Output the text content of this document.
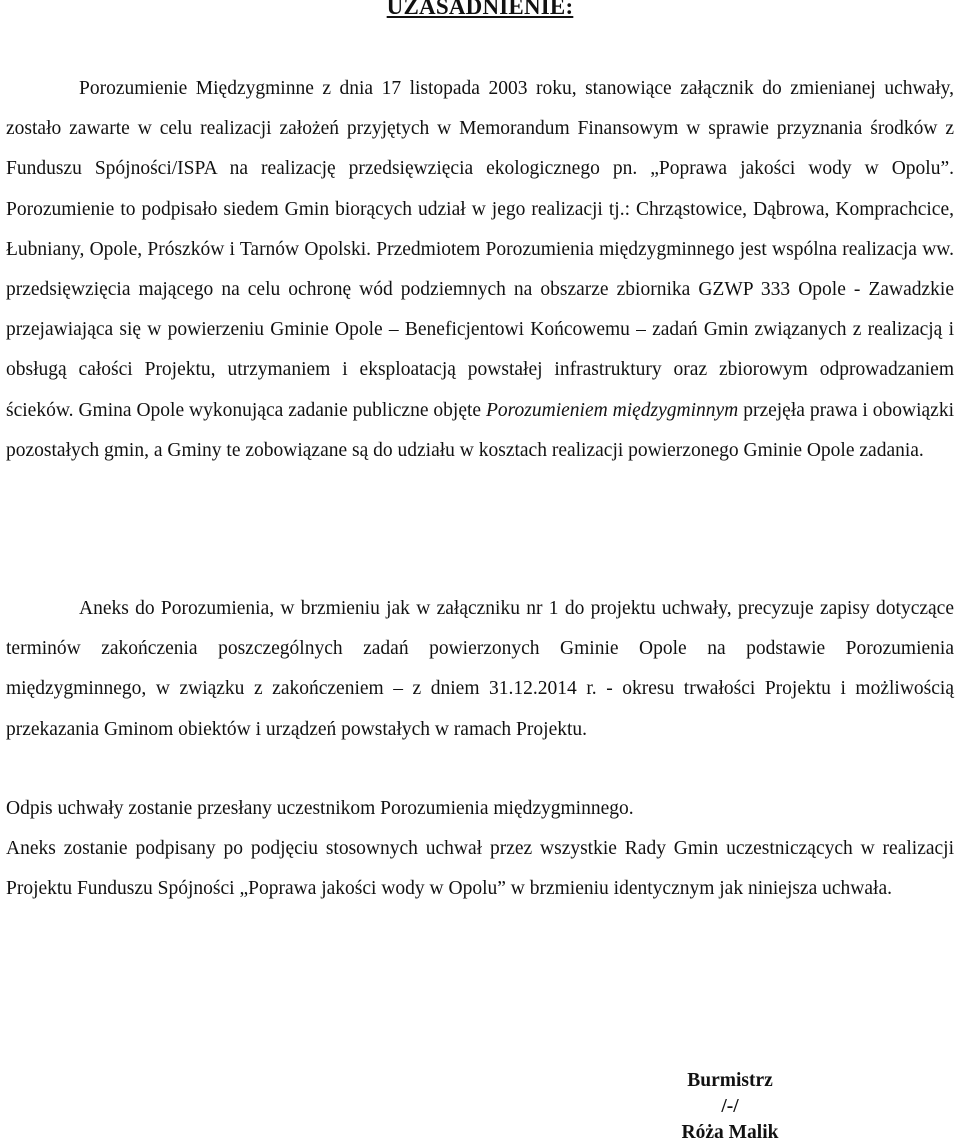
UZASADNIENIE:

Porozumienie Międzygminne z dnia 17 listopada 2003 roku, stanowiące załącznik do zmienianej uchwały, zostało zawarte w celu realizacji założeń przyjętych w Memorandum Finansowym w sprawie przyznania środków z Funduszu Spójności/ISPA na realizację przedsięwzięcia ekologicznego pn. „Poprawa jakości wody w Opolu”. Porozumienie to podpisało siedem Gmin biorących udział w jego realizacji tj.: Chrząstowice, Dąbrowa, Komprachcice, Łubniany, Opole, Prószków i Tarnów Opolski. Przedmiotem Porozumienia międzygminnego jest wspólna realizacja ww. przedsięwzięcia mającego na celu ochronę wód podziemnych na obszarze zbiornika GZWP 333 Opole - Zawadzkie przejawiająca się w powierzeniu Gminie Opole – Beneficjentowi Końcowemu – zadań Gmin związanych z realizacją i obsługą całości Projektu, utrzymaniem i eksploatacją powstałej infrastruktury oraz zbiorowym odprowadzaniem ścieków. Gmina Opole wykonująca zadanie publiczne objęte Porozumieniem międzygminnym przejęła prawa i obowiązki pozostałych gmin, a Gminy te zobowiązane są do udziału w kosztach realizacji powierzonego Gminie Opole zadania.

Aneks do Porozumienia, w brzmieniu jak w załączniku nr 1 do projektu uchwały, precyzuje zapisy dotyczące terminów zakończenia poszczególnych zadań powierzonych Gminie Opole na podstawie Porozumienia międzygminnego, w związku z zakończeniem – z dniem 31.12.2014 r. - okresu trwałości Projektu i możliwością przekazania Gminom obiektów i urządzeń powstałych w ramach Projektu.

Odpis uchwały zostanie przesłany uczestnikom Porozumienia międzygminnego.

Aneks zostanie podpisany po podjęciu stosownych uchwał przez wszystkie Rady Gmin uczestniczących w realizacji Projektu Funduszu Spójności „Poprawa jakości wody w Opolu” w brzmieniu identycznym jak niniejsza uchwała.

Burmistrz
/-/
Róża Malik
